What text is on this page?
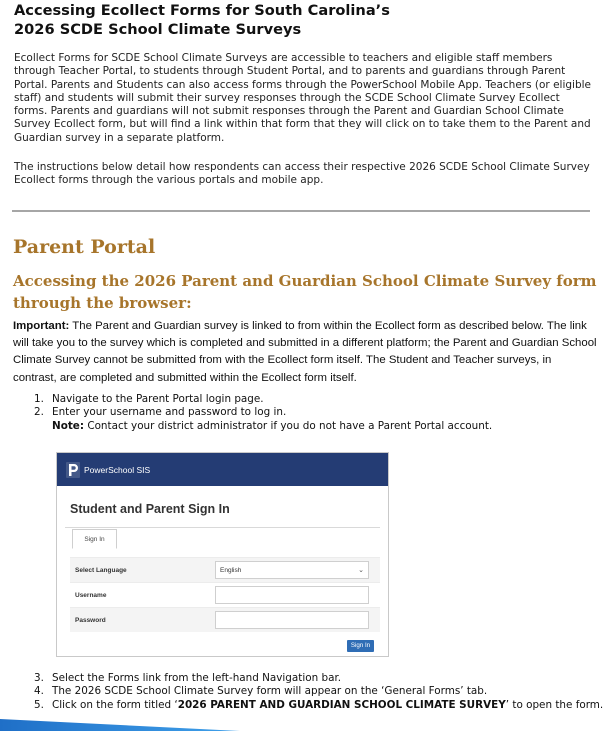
Accessing Ecollect Forms for South Carolina’s
2026 SCDE School Climate Surveys

Ecollect Forms for SCDE School Climate Surveys are accessible to teachers and eligible staff members through Teacher Portal, to students through Student Portal, and to parents and guardians through Parent Portal. Parents and Students can also access forms through the PowerSchool Mobile App. Teachers (or eligible staff) and students will submit their survey responses through the SCDE School Climate Survey Ecollect forms. Parents and guardians will not submit responses through the Parent and Guardian School Climate Survey Ecollect form, but will find a link within that form that they will click on to take them to the Parent and Guardian survey in a separate platform.

The instructions below detail how respondents can access their respective 2026 SCDE School Climate Survey Ecollect forms through the various portals and mobile app.

Parent Portal
Accessing the 2026 Parent and Guardian School Climate Survey form through the browser:

Important: The Parent and Guardian survey is linked to from within the Ecollect form as described below. The link will take you to the survey which is completed and submitted in a different platform; the Parent and Guardian School Climate Survey cannot be submitted from with the Ecollect form itself. The Student and Teacher surveys, in contrast, are completed and submitted within the Ecollect form itself.

1. Navigate to the Parent Portal login page.
2. Enter your username and password to log in.
Note: Contact your district administrator if you do not have a Parent Portal account.
PowerSchool SIS
Student and Parent Sign In
Sign In
Select Language	English	⌄
Username
Password
Sign In
3. Select the Forms link from the left-hand Navigation bar.
4. The 2026 SCDE School Climate Survey form will appear on the ‘General Forms’ tab.
5. Click on the form titled ‘2026 PARENT AND GUARDIAN SCHOOL CLIMATE SURVEY’ to open the form.
